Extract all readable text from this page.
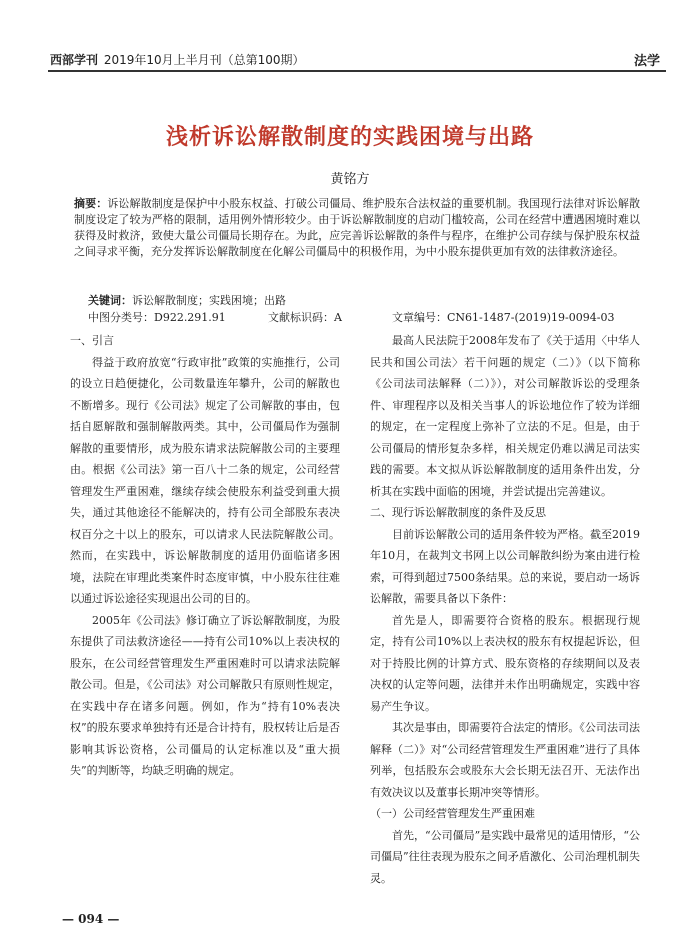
西部学刊 2019年10月上半月刊（总第100期）	法学
浅析诉讼解散制度的实践困境与出路
黄铭方
摘要：诉讼解散制度是保护中小股东权益、打破公司僵局、维护股东合法权益的重要机制。我国现行法律对诉讼解散制度设定了较为严格的限制，适用例外情形较少。由于诉讼解散制度的启动门槛较高，公司在经营中遭遇困境时难以获得及时救济，致使大量公司僵局长期存在。为此，应完善诉讼解散的条件与程序，在维护公司存续与保护股东权益之间寻求平衡，充分发挥诉讼解散制度在化解公司僵局中的积极作用，为中小股东提供更加有效的法律救济途径。
关键词：诉讼解散制度；实践困境；出路
中图分类号：D922.291.91	文献标识码：A	文章编号：CN61-1487-(2019)19-0094-03
一、引言

得益于政府放宽“行政审批”政策的实施推行，公司的设立日趋便捷化，公司数量连年攀升，公司的解散也不断增多。现行《公司法》规定了公司解散的事由，包括自愿解散和强制解散两类。其中，公司僵局作为强制解散的重要情形，成为股东请求法院解散公司的主要理由。根据《公司法》第一百八十二条的规定，公司经营管理发生严重困难，继续存续会使股东利益受到重大损失，通过其他途径不能解决的，持有公司全部股东表决权百分之十以上的股东，可以请求人民法院解散公司。然而，在实践中，诉讼解散制度的适用仍面临诸多困境，法院在审理此类案件时态度审慎，中小股东往往难以通过诉讼途径实现退出公司的目的。

2005年《公司法》修订确立了诉讼解散制度，为股东提供了司法救济途径——持有公司10%以上表决权的股东，在公司经营管理发生严重困难时可以请求法院解散公司。但是，《公司法》对公司解散只有原则性规定，在实践中存在诸多问题。例如，作为“持有10%表决权”的股东要求单独持有还是合计持有，股权转让后是否影响其诉讼资格，公司僵局的认定标准以及“重大损失”的判断等，均缺乏明确的规定。

最高人民法院于2008年发布了《关于适用〈中华人民共和国公司法〉若干问题的规定（二）》（以下简称《公司法司法解释（二）》），对公司解散诉讼的受理条件、审理程序以及相关当事人的诉讼地位作了较为详细的规定，在一定程度上弥补了立法的不足。但是，由于公司僵局的情形复杂多样，相关规定仍难以满足司法实践的需要。本文拟从诉讼解散制度的适用条件出发，分析其在实践中面临的困境，并尝试提出完善建议。

二、现行诉讼解散制度的条件及反思

目前诉讼解散公司的适用条件较为严格。截至2019年10月，在裁判文书网上以公司解散纠纷为案由进行检索，可得到超过7500条结果。总的来说，要启动一场诉讼解散，需要具备以下条件：

首先是人，即需要符合资格的股东。根据现行规定，持有公司10%以上表决权的股东有权提起诉讼，但对于持股比例的计算方式、股东资格的存续期间以及表决权的认定等问题，法律并未作出明确规定，实践中容易产生争议。

其次是事由，即需要符合法定的情形。《公司法司法解释（二）》对“公司经营管理发生严重困难”进行了具体列举，包括股东会或股东大会长期无法召开、无法作出有效决议以及董事长期冲突等情形。

（一）公司经营管理发生严重困难

首先，“公司僵局”是实践中最常见的适用情形，“公司僵局”往往表现为股东之间矛盾激化、公司治理机制失灵。

— 094 —
